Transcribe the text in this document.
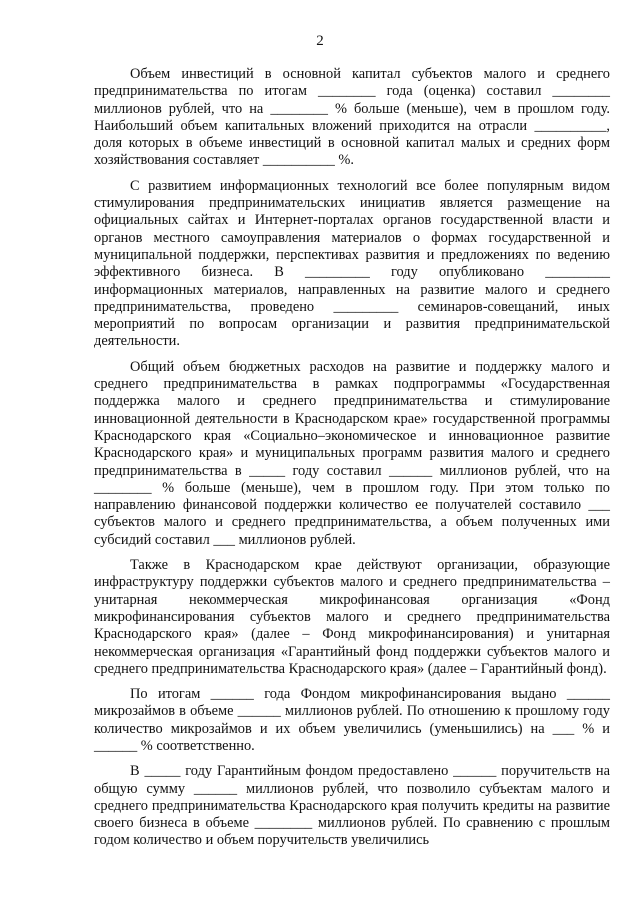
2

Объем инвестиций в основной капитал субъектов малого и среднего предпринимательства по итогам ________ года (оценка) составил ________ миллионов рублей, что на ________ % больше (меньше), чем в прошлом году. Наибольший объем капитальных вложений приходится на отрасли __________, доля которых в объеме инвестиций в основной капитал малых и средних форм хозяйствования составляет __________ %.

С развитием информационных технологий все более популярным видом стимулирования предпринимательских инициатив является размещение на официальных сайтах и Интернет-порталах органов государственной власти и органов местного самоуправления материалов о формах государственной и муниципальной поддержки, перспективах развития и предложениях по ведению эффективного бизнеса. В _________ году опубликовано _________ информационных материалов, направленных на развитие малого и среднего предпринимательства, проведено _________ семинаров-совещаний, иных мероприятий по вопросам организации и развития предпринимательской деятельности.

Общий объем бюджетных расходов на развитие и поддержку малого и среднего предпринимательства в рамках подпрограммы «Государственная поддержка малого и среднего предпринимательства и стимулирование инновационной деятельности в Краснодарском крае» государственной программы Краснодарского края «Социально–экономическое и инновационное развитие Краснодарского края» и муниципальных программ развития малого и среднего предпринимательства в _____ году составил ______ миллионов рублей, что на ________ % больше (меньше), чем в прошлом году. При этом только по направлению финансовой поддержки количество ее получателей составило ___ субъектов малого и среднего предпринимательства, а объем полученных ими субсидий составил ___ миллионов рублей.

Также в Краснодарском крае действуют организации, образующие инфраструктуру поддержки субъектов малого и среднего предпринимательства – унитарная некоммерческая микрофинансовая организация «Фонд микрофинансирования субъектов малого и среднего предпринимательства Краснодарского края» (далее – Фонд микрофинансирования) и унитарная некоммерческая организация «Гарантийный фонд поддержки субъектов малого и среднего предпринимательства Краснодарского края» (далее – Гарантийный фонд).

По итогам ______ года Фондом микрофинансирования выдано ______ микрозаймов в объеме ______ миллионов рублей. По отношению к прошлому году количество микрозаймов и их объем увеличились (уменьшились) на ___ % и ______ % соответственно.

В _____ году Гарантийным фондом предоставлено ______ поручительств на общую сумму ______ миллионов рублей, что позволило субъектам малого и среднего предпринимательства Краснодарского края получить кредиты на развитие своего бизнеса в объеме ________ миллионов рублей. По сравнению с прошлым годом количество и объем поручительств увеличились
